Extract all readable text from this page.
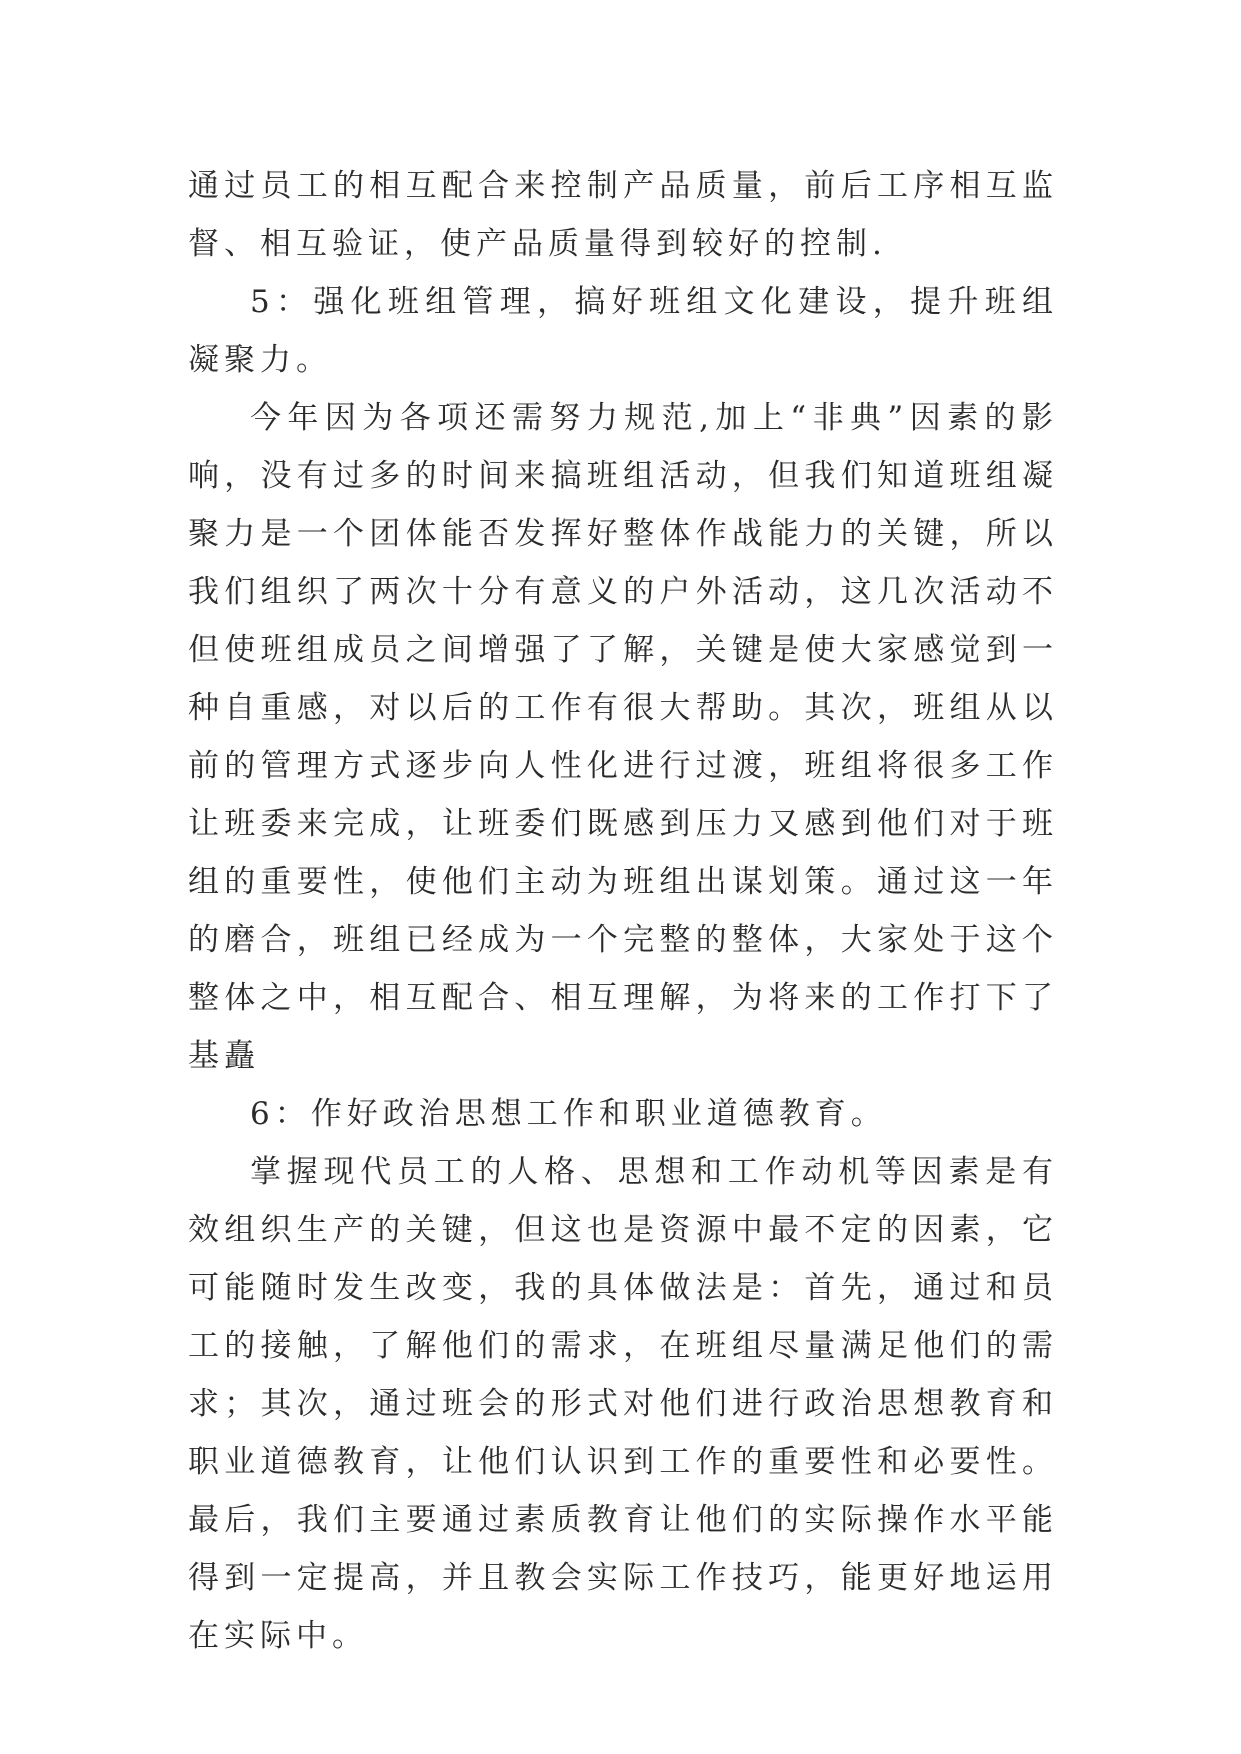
通过员工的相互配合来控制产品质量，前后工序相互监督、相互验证，使产品质量得到较好的控制.

5：强化班组管理，搞好班组文化建设，提升班组凝聚力。

今年因为各项还需努力规范,加上“非典”因素的影响，没有过多的时间来搞班组活动，但我们知道班组凝聚力是一个团体能否发挥好整体作战能力的关键，所以我们组织了两次十分有意义的户外活动，这几次活动不但使班组成员之间增强了了解，关键是使大家感觉到一种自重感，对以后的工作有很大帮助。其次，班组从以前的管理方式逐步向人性化进行过渡，班组将很多工作让班委来完成，让班委们既感到压力又感到他们对于班组的重要性，使他们主动为班组出谋划策。通过这一年的磨合，班组已经成为一个完整的整体，大家处于这个整体之中，相互配合、相互理解，为将来的工作打下了基矗

6：作好政治思想工作和职业道德教育。

掌握现代员工的人格、思想和工作动机等因素是有效组织生产的关键，但这也是资源中最不定的因素，它可能随时发生改变，我的具体做法是：首先，通过和员工的接触，了解他们的需求，在班组尽量满足他们的需求；其次，通过班会的形式对他们进行政治思想教育和职业道德教育，让他们认识到工作的重要性和必要性。最后，我们主要通过素质教育让他们的实际操作水平能得到一定提高，并且教会实际工作技巧，能更好地运用在实际中。
